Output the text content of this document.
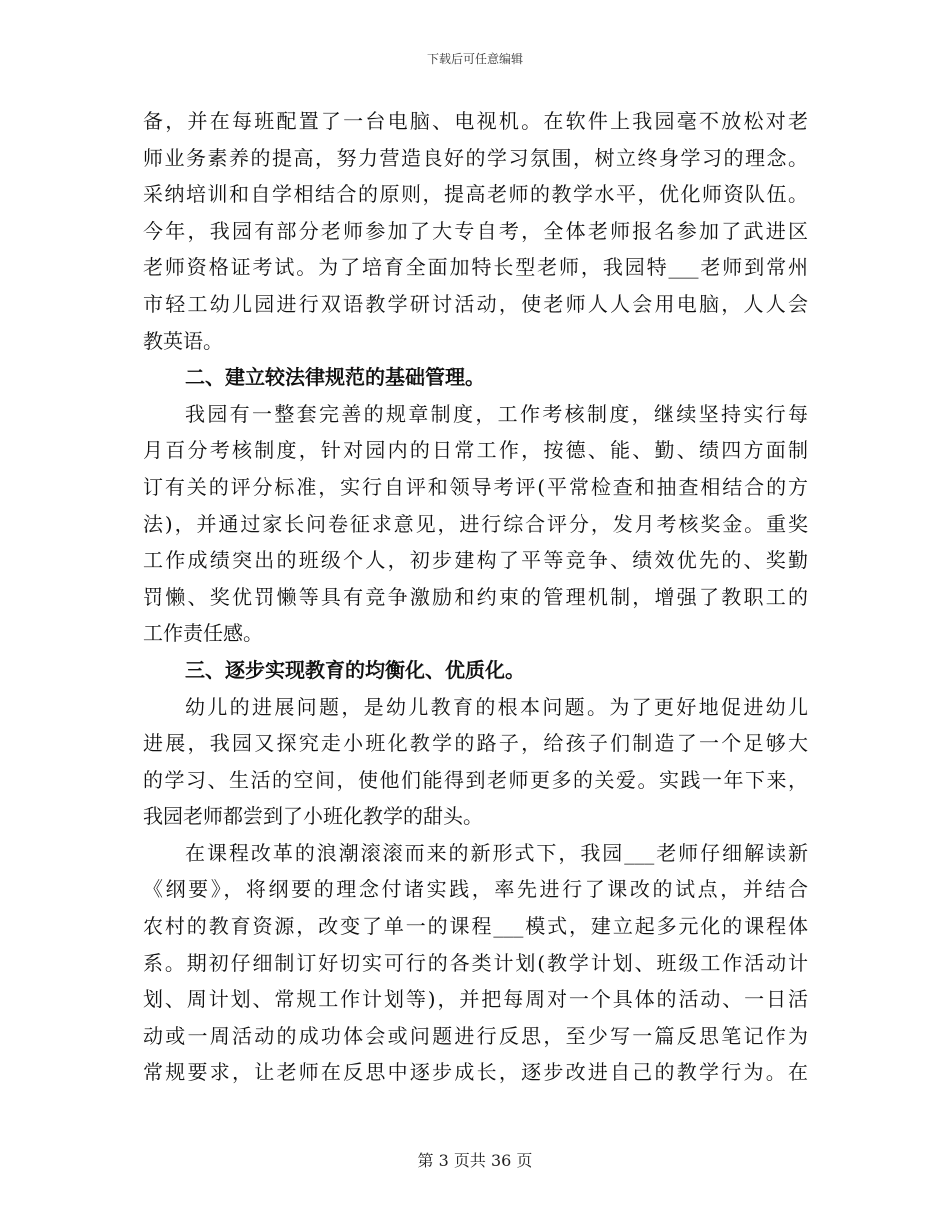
下载后可任意编辑
备，并在每班配置了一台电脑、电视机。在软件上我园毫不放松对老
师业务素养的提高，努力营造良好的学习氛围，树立终身学习的理念。
采纳培训和自学相结合的原则，提高老师的教学水平，优化师资队伍。
今年，我园有部分老师参加了大专自考，全体老师报名参加了武进区
老师资格证考试。为了培育全面加特长型老师，我园特___老师到常州
市轻工幼儿园进行双语教学研讨活动，使老师人人会用电脑，人人会
教英语。
二、建立较法律规范的基础管理。
我园有一整套完善的规章制度，工作考核制度，继续坚持实行每
月百分考核制度，针对园内的日常工作，按德、能、勤、绩四方面制
订有关的评分标准，实行自评和领导考评(平常检查和抽查相结合的方
法)，并通过家长问卷征求意见，进行综合评分，发月考核奖金。重奖
工作成绩突出的班级个人，初步建构了平等竞争、绩效优先的、奖勤
罚懒、奖优罚懒等具有竞争激励和约束的管理机制，增强了教职工的
工作责任感。
三、逐步实现教育的均衡化、优质化。
幼儿的进展问题，是幼儿教育的根本问题。为了更好地促进幼儿
进展，我园又探究走小班化教学的路子，给孩子们制造了一个足够大
的学习、生活的空间，使他们能得到老师更多的关爱。实践一年下来，
我园老师都尝到了小班化教学的甜头。
在课程改革的浪潮滚滚而来的新形式下，我园___老师仔细解读新
《纲要》，将纲要的理念付诸实践，率先进行了课改的试点，并结合
农村的教育资源，改变了单一的课程___模式，建立起多元化的课程体
系。期初仔细制订好切实可行的各类计划(教学计划、班级工作活动计
划、周计划、常规工作计划等)，并把每周对一个具体的活动、一日活
动或一周活动的成功体会或问题进行反思，至少写一篇反思笔记作为
常规要求，让老师在反思中逐步成长，逐步改进自己的教学行为。在
第 3 页共 36 页
